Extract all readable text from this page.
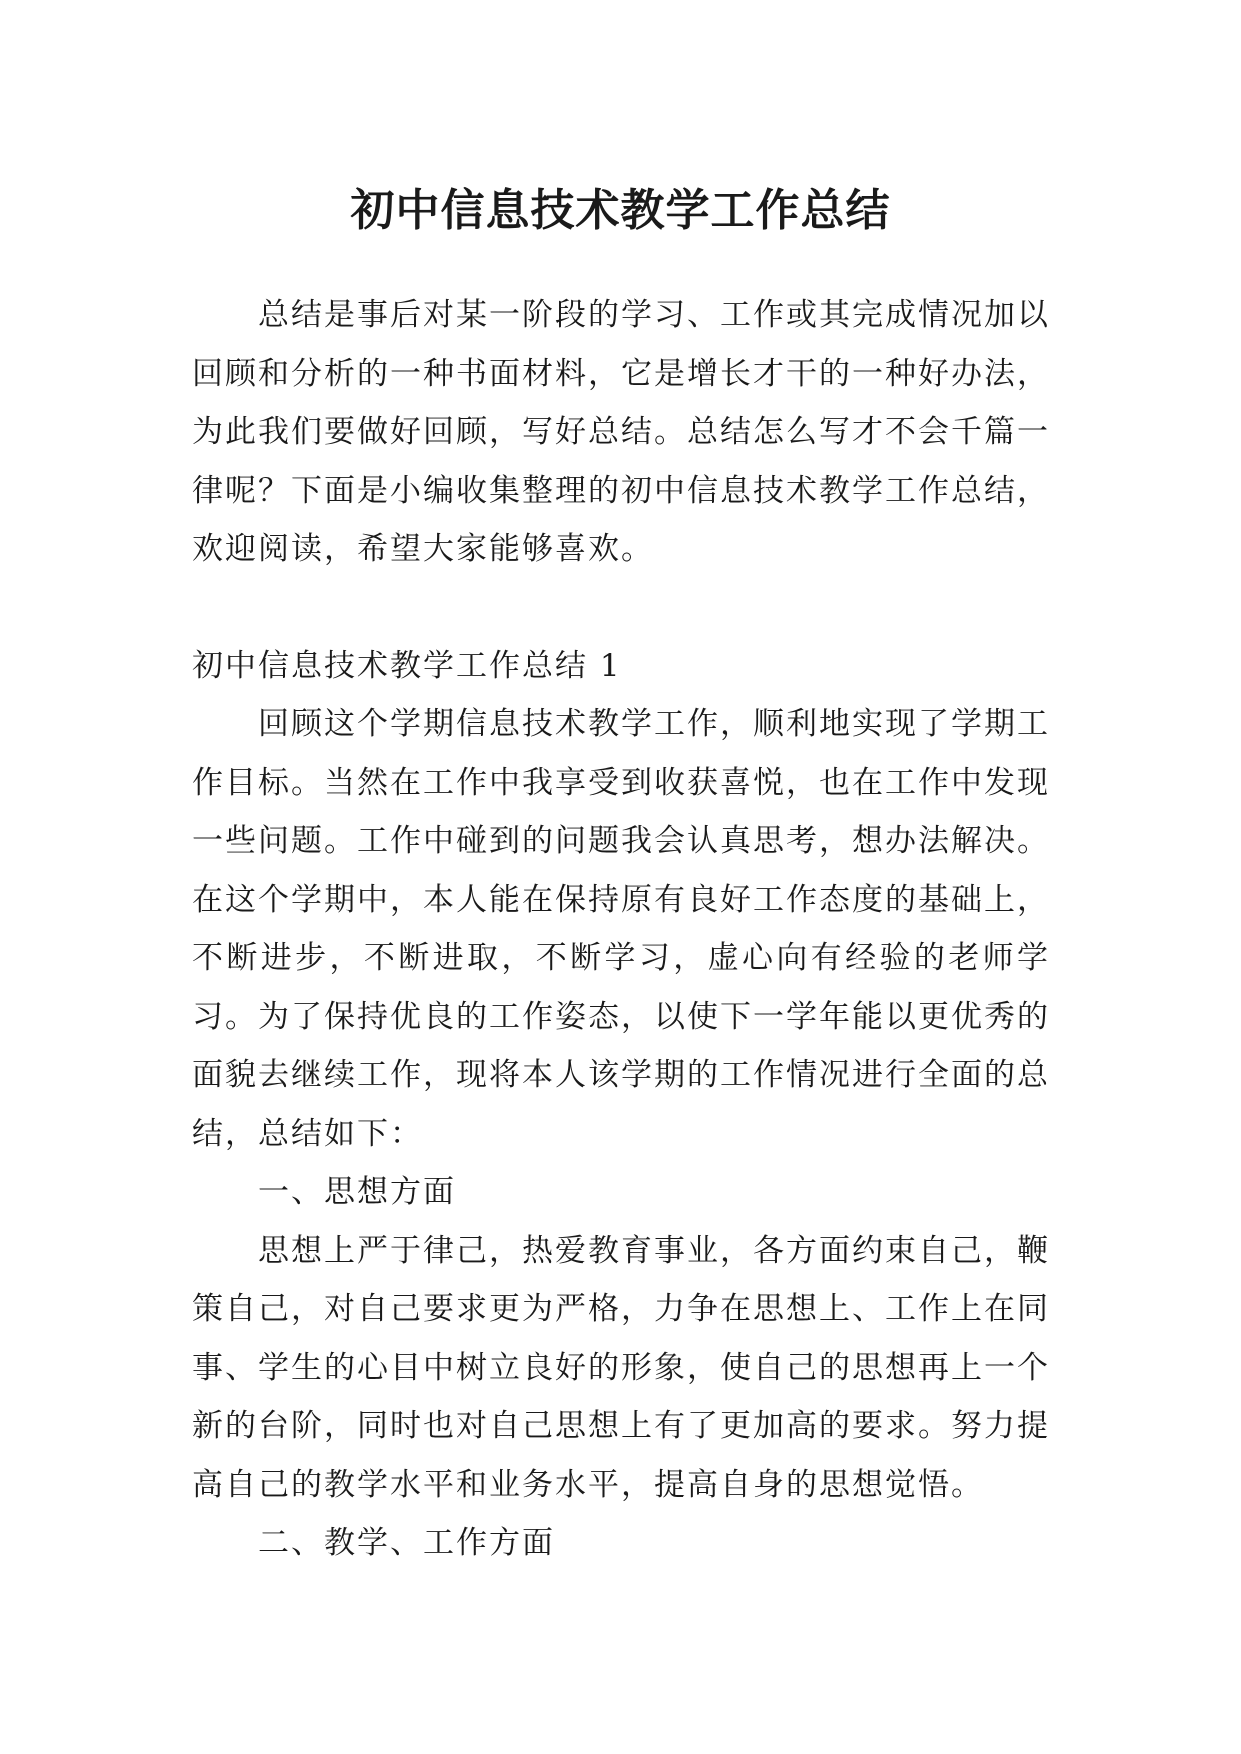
初中信息技术教学工作总结

总结是事后对某一阶段的学习、工作或其完成情况加以回顾和分析的一种书面材料，它是增长才干的一种好办法，为此我们要做好回顾，写好总结。总结怎么写才不会千篇一律呢？下面是小编收集整理的初中信息技术教学工作总结，欢迎阅读，希望大家能够喜欢。

初中信息技术教学工作总结 1

回顾这个学期信息技术教学工作，顺利地实现了学期工作目标。当然在工作中我享受到收获喜悦，也在工作中发现一些问题。工作中碰到的问题我会认真思考，想办法解决。在这个学期中，本人能在保持原有良好工作态度的基础上，不断进步，不断进取，不断学习，虚心向有经验的老师学习。为了保持优良的工作姿态，以使下一学年能以更优秀的面貌去继续工作，现将本人该学期的工作情况进行全面的总结，总结如下：

一、思想方面

思想上严于律己，热爱教育事业，各方面约束自己，鞭策自己，对自己要求更为严格，力争在思想上、工作上在同事、学生的心目中树立良好的形象，使自己的思想再上一个新的台阶，同时也对自己思想上有了更加高的要求。努力提高自己的教学水平和业务水平，提高自身的思想觉悟。

二、教学、工作方面
